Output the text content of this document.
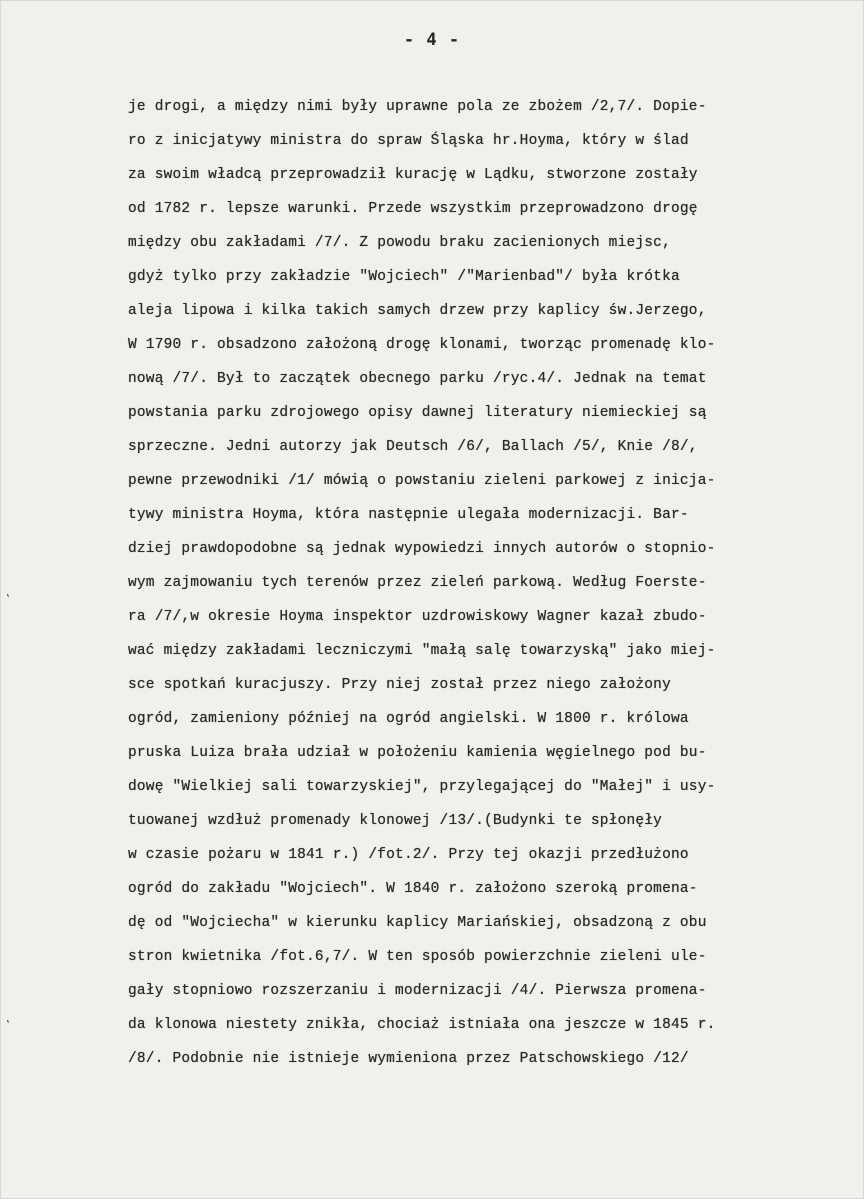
- 4 -
‛
‛
je drogi, a między nimi były uprawne pola ze zbożem /2,7/. Dopie-
ro z inicjatywy ministra do spraw Śląska hr.Hoyma, który w ślad
za swoim władcą przeprowadził kurację w Lądku, stworzone zostały
od 1782 r. lepsze warunki. Przede wszystkim przeprowadzono drogę
między obu zakładami /7/. Z powodu braku zacienionych miejsc,
gdyż tylko przy zakładzie "Wojciech" /"Marienbad"/ była krótka
aleja lipowa i kilka takich samych drzew przy kaplicy św.Jerzego,
W 1790 r. obsadzono założoną drogę klonami, tworząc promenadę klo-
nową /7/. Był to zaczątek obecnego parku /ryc.4/. Jednak na temat
powstania parku zdrojowego opisy dawnej literatury niemieckiej są
sprzeczne. Jedni autorzy jak Deutsch /6/, Ballach /5/, Knie /8/,
pewne przewodniki /1/ mówią o powstaniu zieleni parkowej z inicja-
tywy ministra Hoyma, która następnie ulegała modernizacji. Bar-
dziej prawdopodobne są jednak wypowiedzi innych autorów o stopnio-
wym zajmowaniu tych terenów przez zieleń parkową. Według Foerste-
ra /7/,w okresie Hoyma inspektor uzdrowiskowy Wagner kazał zbudo-
wać między zakładami leczniczymi "małą salę towarzyską" jako miej-
sce spotkań kuracjuszy. Przy niej został przez niego założony
ogród, zamieniony później na ogród angielski. W 1800 r. królowa
pruska Luiza brała udział w położeniu kamienia węgielnego pod bu-
dowę "Wielkiej sali towarzyskiej", przylegającej do "Małej" i usy-
tuowanej wzdłuż promenady klonowej /13/.(Budynki te spłonęły
w czasie pożaru w 1841 r.) /fot.2/. Przy tej okazji przedłużono
ogród do zakładu "Wojciech". W 1840 r. założono szeroką promena-
dę od "Wojciecha" w kierunku kaplicy Mariańskiej, obsadzoną z obu
stron kwietnika /fot.6,7/. W ten sposób powierzchnie zieleni ule-
gały stopniowo rozszerzaniu i modernizacji /4/. Pierwsza promena-
da klonowa niestety znikła, chociaż istniała ona jeszcze w 1845 r.
/8/. Podobnie nie istnieje wymieniona przez Patschowskiego /12/
